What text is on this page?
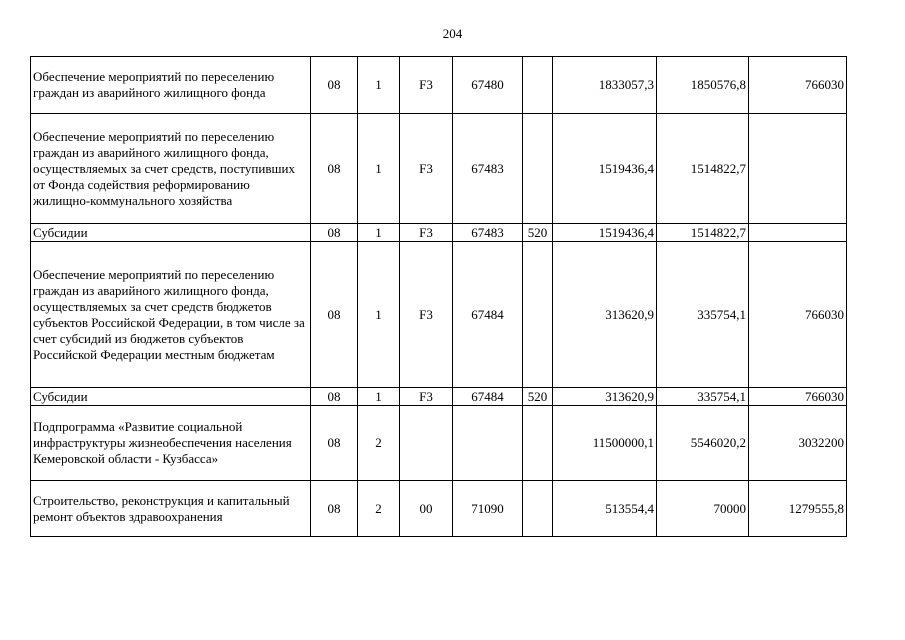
204
Обеспечение мероприятий по переселению граждан из аварийного жилищного фонда	08	1	F3	67480		1833057,3	1850576,8	766030
Обеспечение мероприятий по переселению граждан из аварийного жилищного фонда, осуществляемых за счет средств, поступивших от Фонда содействия реформированию жилищно-коммунального хозяйства	08	1	F3	67483		1519436,4	1514822,7	
Субсидии	08	1	F3	67483	520	1519436,4	1514822,7	
Обеспечение мероприятий по переселению граждан из аварийного жилищного фонда, осуществляемых за счет средств бюджетов субъектов Российской Федерации, в том числе за счет субсидий из бюджетов субъектов Российской Федерации местным бюджетам	08	1	F3	67484		313620,9	335754,1	766030
Субсидии	08	1	F3	67484	520	313620,9	335754,1	766030
Подпрограмма «Развитие социальной инфраструктуры жизнеобеспечения населения Кемеровской области - Кузбасса»	08	2				11500000,1	5546020,2	3032200
Строительство, реконструкция и капитальный ремонт объектов здравоохранения	08	2	00	71090		513554,4	70000	1279555,8
